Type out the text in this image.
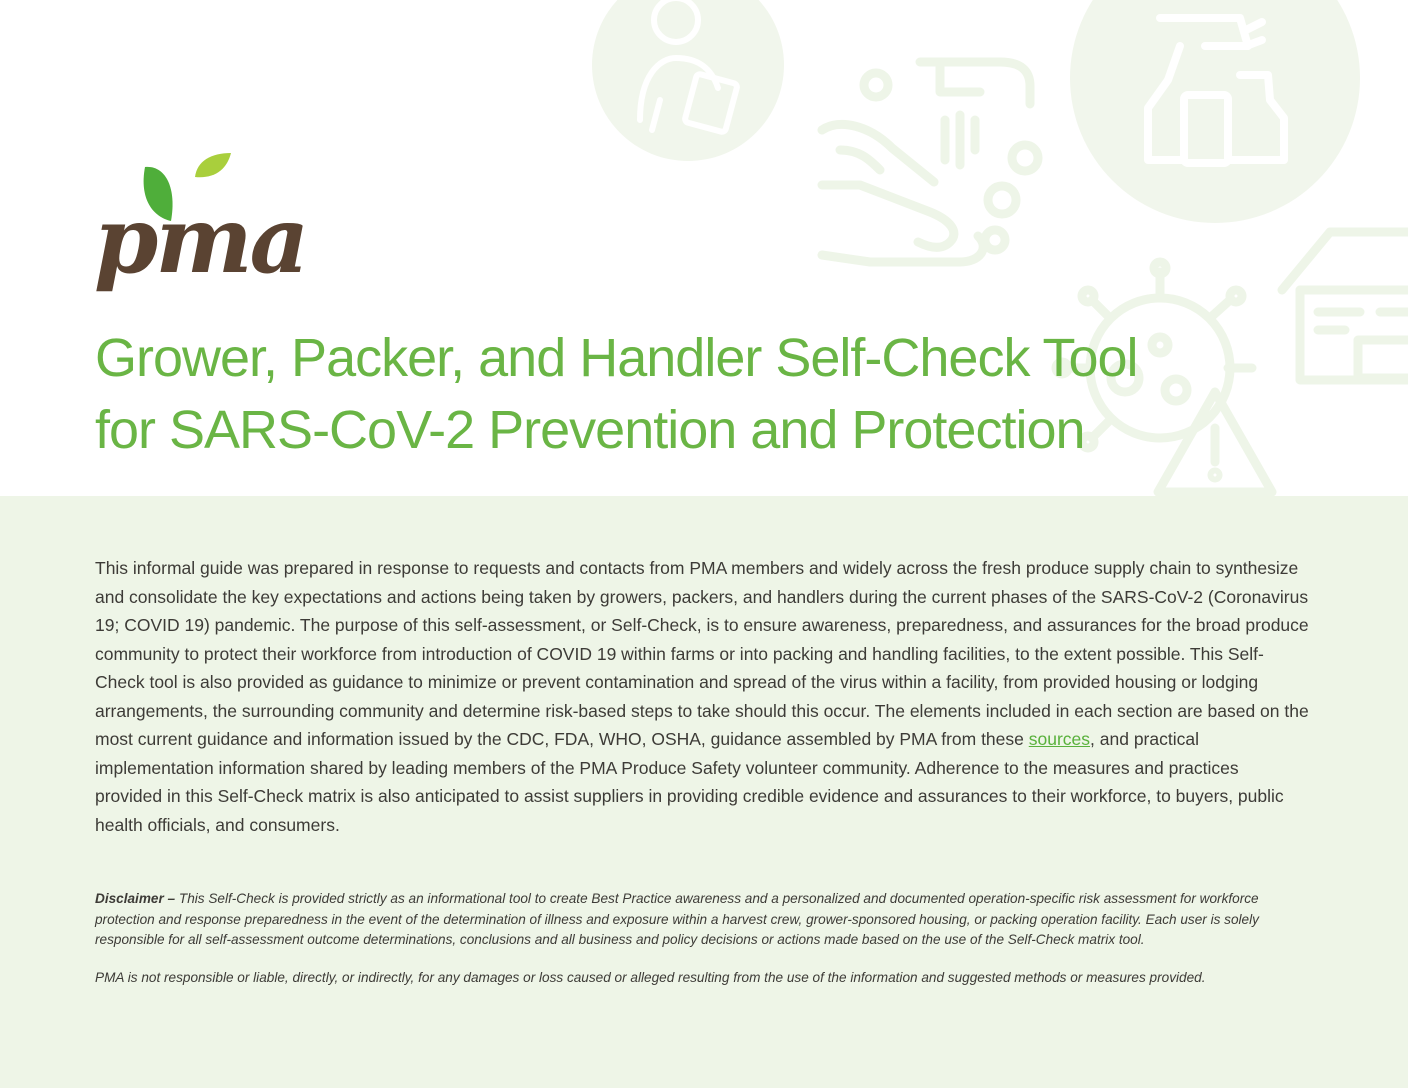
pma
Grower, Packer, and Handler Self-Check Tool
for SARS-CoV-2 Prevention and Protection
This informal guide was prepared in response to requests and contacts from PMA members and widely across the fresh produce supply chain to synthesize and consolidate the key expectations and actions being taken by growers, packers, and handlers during the current phases of the SARS-CoV-2 (Coronavirus 19; COVID 19) pandemic. The purpose of this self-assessment, or Self-Check, is to ensure awareness, preparedness, and assurances for the broad produce community to protect their workforce from introduction of COVID 19 within farms or into packing and handling facilities, to the extent possible. This Self-Check tool is also provided as guidance to minimize or prevent contamination and spread of the virus within a facility, from provided housing or lodging arrangements, the surrounding community and determine risk-based steps to take should this occur. The elements included in each section are based on the most current guidance and information issued by the CDC, FDA, WHO, OSHA, guidance assembled by PMA from these sources, and practical implementation information shared by leading members of the PMA Produce Safety volunteer community. Adherence to the measures and practices provided in this Self-Check matrix is also anticipated to assist suppliers in providing credible evidence and assurances to their workforce, to buyers, public health officials, and consumers.
Disclaimer – This Self-Check is provided strictly as an informational tool to create Best Practice awareness and a personalized and documented operation-specific risk assessment for workforce protection and response preparedness in the event of the determination of illness and exposure within a harvest crew, grower-sponsored housing, or packing operation facility. Each user is solely responsible for all self-assessment outcome determinations, conclusions and all business and policy decisions or actions made based on the use of the Self-Check matrix tool.
PMA is not responsible or liable, directly, or indirectly, for any damages or loss caused or alleged resulting from the use of the information and suggested methods or measures provided.
